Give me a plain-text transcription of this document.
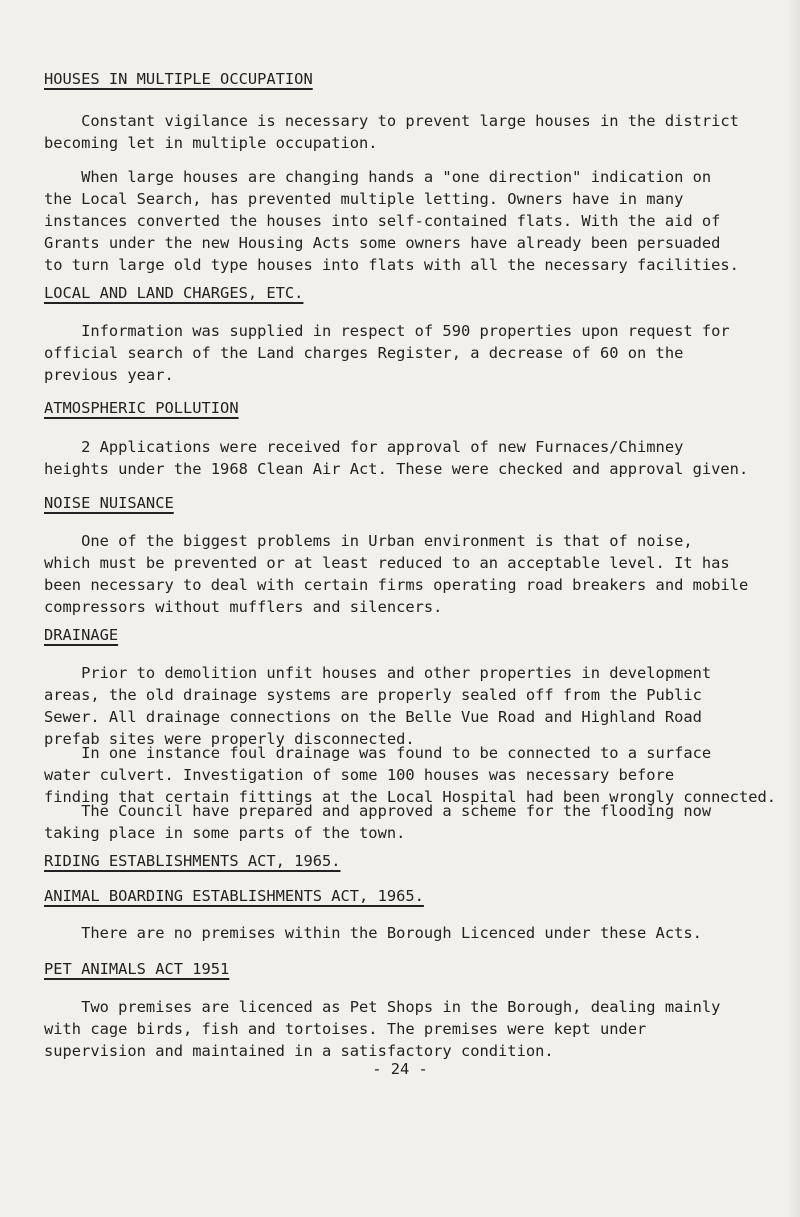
HOUSES IN MULTIPLE OCCUPATION
Constant vigilance is necessary to prevent large houses in the district
becoming let in multiple occupation.
When large houses are changing hands a "one direction" indication on
the Local Search, has prevented multiple letting. Owners have in many
instances converted the houses into self-contained flats. With the aid of
Grants under the new Housing Acts some owners have already been persuaded
to turn large old type houses into flats with all the necessary facilities.
LOCAL AND LAND CHARGES, ETC.
Information was supplied in respect of 590 properties upon request for
official search of the Land charges Register, a decrease of 60 on the
previous year.
ATMOSPHERIC POLLUTION
2 Applications were received for approval of new Furnaces/Chimney
heights under the 1968 Clean Air Act. These were checked and approval given.
NOISE NUISANCE
One of the biggest problems in Urban environment is that of noise,
which must be prevented or at least reduced to an acceptable level. It has
been necessary to deal with certain firms operating road breakers and mobile
compressors without mufflers and silencers.
DRAINAGE
Prior to demolition unfit houses and other properties in development
areas, the old drainage systems are properly sealed off from the Public
Sewer. All drainage connections on the Belle Vue Road and Highland Road
prefab sites were properly disconnected.
In one instance foul drainage was found to be connected to a surface
water culvert. Investigation of some 100 houses was necessary before
finding that certain fittings at the Local Hospital had been wrongly connected.
The Council have prepared and approved a scheme for the flooding now
taking place in some parts of the town.
RIDING ESTABLISHMENTS ACT, 1965.
ANIMAL BOARDING ESTABLISHMENTS ACT, 1965.
There are no premises within the Borough Licenced under these Acts.
PET ANIMALS ACT 1951
Two premises are licenced as Pet Shops in the Borough, dealing mainly
with cage birds, fish and tortoises. The premises were kept under
supervision and maintained in a satisfactory condition.
- 24 -
